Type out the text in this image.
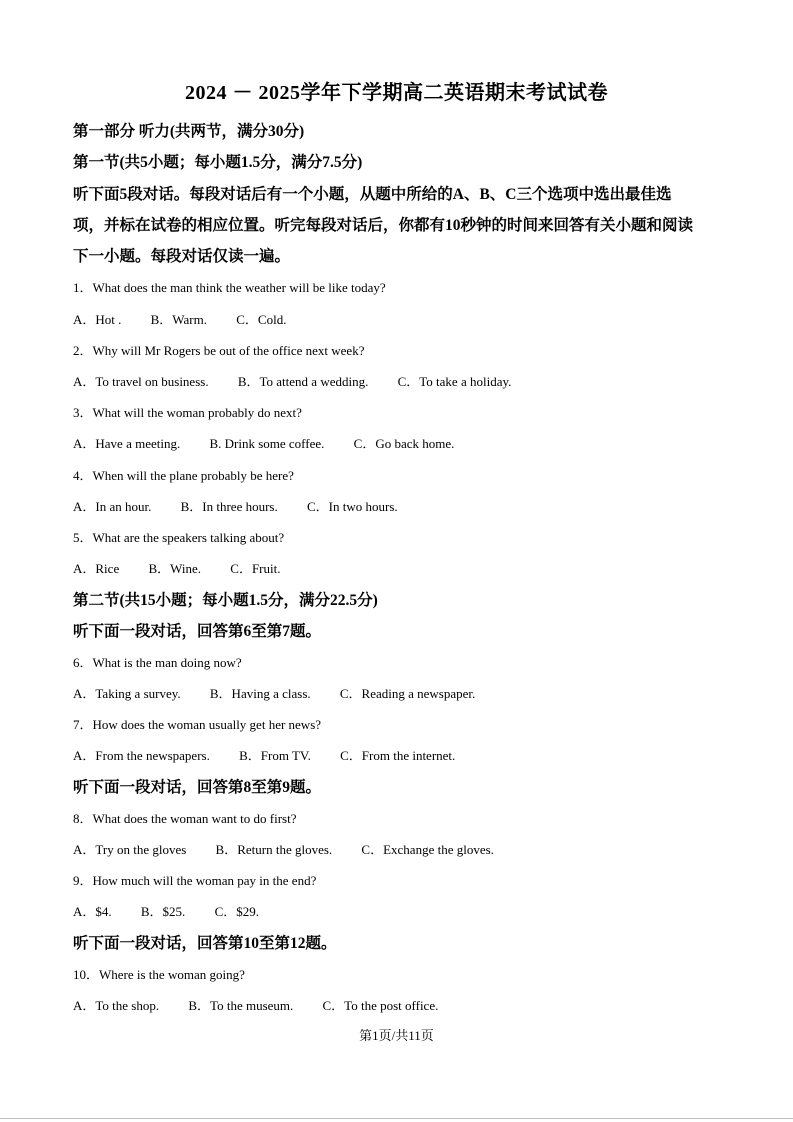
2024 － 2025学年下学期高二英语期末考试试卷
第一部分 听力(共两节，满分30分)
第一节(共5小题；每小题1.5分，满分7.5分)
听下面5段对话。每段对话后有一个小题，从题中所给的A、B、C三个选项中选出最佳选
项，并标在试卷的相应位置。听完每段对话后，你都有10秒钟的时间来回答有关小题和阅读
下一小题。每段对话仅读一遍。
1．What does the man think the weather will be like today?
A．Hot . B．Warm. C．Cold.
2．Why will Mr Rogers be out of the office next week?
A．To travel on business. B．To attend a wedding. C．To take a holiday.
3．What will the woman probably do next?
A．Have a meeting. B. Drink some coffee. C．Go back home.
4．When will the plane probably be here?
A．In an hour. B．In three hours. C．In two hours.
5．What are the speakers talking about?
A．Rice B．Wine. C．Fruit.
第二节(共15小题；每小题1.5分，满分22.5分)
听下面一段对话，回答第6至第7题。
6．What is the man doing now?
A．Taking a survey. B．Having a class. C．Reading a newspaper.
7．How does the woman usually get her news?
A．From the newspapers. B．From TV. C．From the internet.
听下面一段对话，回答第8至第9题。
8．What does the woman want to do first?
A．Try on the gloves B．Return the gloves. C．Exchange the gloves.
9．How much will the woman pay in the end?
A．$4. B．$25. C．$29.
听下面一段对话，回答第10至第12题。
10．Where is the woman going?
A．To the shop. B．To the museum. C．To the post office.
第1页/共11页
